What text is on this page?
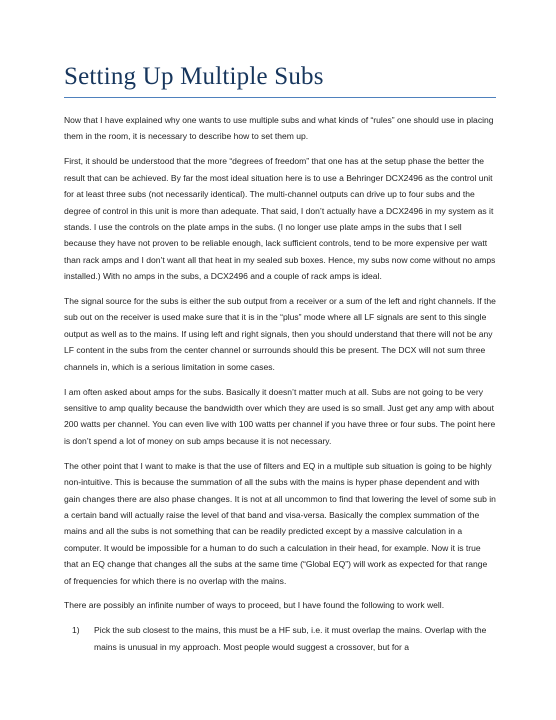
Setting Up Multiple Subs

Now that I have explained why one wants to use multiple subs and what kinds of “rules” one should use in placing them in the room, it is necessary to describe how to set them up.

First, it should be understood that the more “degrees of freedom” that one has at the setup phase the better the result that can be achieved. By far the most ideal situation here is to use a Behringer DCX2496 as the control unit for at least three subs (not necessarily identical). The multi-channel outputs can drive up to four subs and the degree of control in this unit is more than adequate. That said, I don’t actually have a DCX2496 in my system as it stands. I use the controls on the plate amps in the subs. (I no longer use plate amps in the subs that I sell because they have not proven to be reliable enough, lack sufficient controls, tend to be more expensive per watt than rack amps and I don’t want all that heat in my sealed sub boxes. Hence, my subs now come without no amps installed.) With no amps in the subs, a DCX2496 and a couple of rack amps is ideal.

The signal source for the subs is either the sub output from a receiver or a sum of the left and right channels. If the sub out on the receiver is used make sure that it is in the “plus” mode where all LF signals are sent to this single output as well as to the mains. If using left and right signals, then you should understand that there will not be any LF content in the subs from the center channel or surrounds should this be present. The DCX will not sum three channels in, which is a serious limitation in some cases.

I am often asked about amps for the subs. Basically it doesn’t matter much at all. Subs are not going to be very sensitive to amp quality because the bandwidth over which they are used is so small. Just get any amp with about 200 watts per channel. You can even live with 100 watts per channel if you have three or four subs. The point here is don’t spend a lot of money on sub amps because it is not necessary.

The other point that I want to make is that the use of filters and EQ in a multiple sub situation is going to be highly non-intuitive. This is because the summation of all the subs with the mains is hyper phase dependent and with gain changes there are also phase changes. It is not at all uncommon to find that lowering the level of some sub in a certain band will actually raise the level of that band and visa-versa. Basically the complex summation of the mains and all the subs is not something that can be readily predicted except by a massive calculation in a computer. It would be impossible for a human to do such a calculation in their head, for example. Now it is true that an EQ change that changes all the subs at the same time (“Global EQ”) will work as expected for that range of frequencies for which there is no overlap with the mains.

There are possibly an infinite number of ways to proceed, but I have found the following to work well.

1) Pick the sub closest to the mains, this must be a HF sub, i.e. it must overlap the mains. Overlap with the mains is unusual in my approach. Most people would suggest a crossover, but for a
